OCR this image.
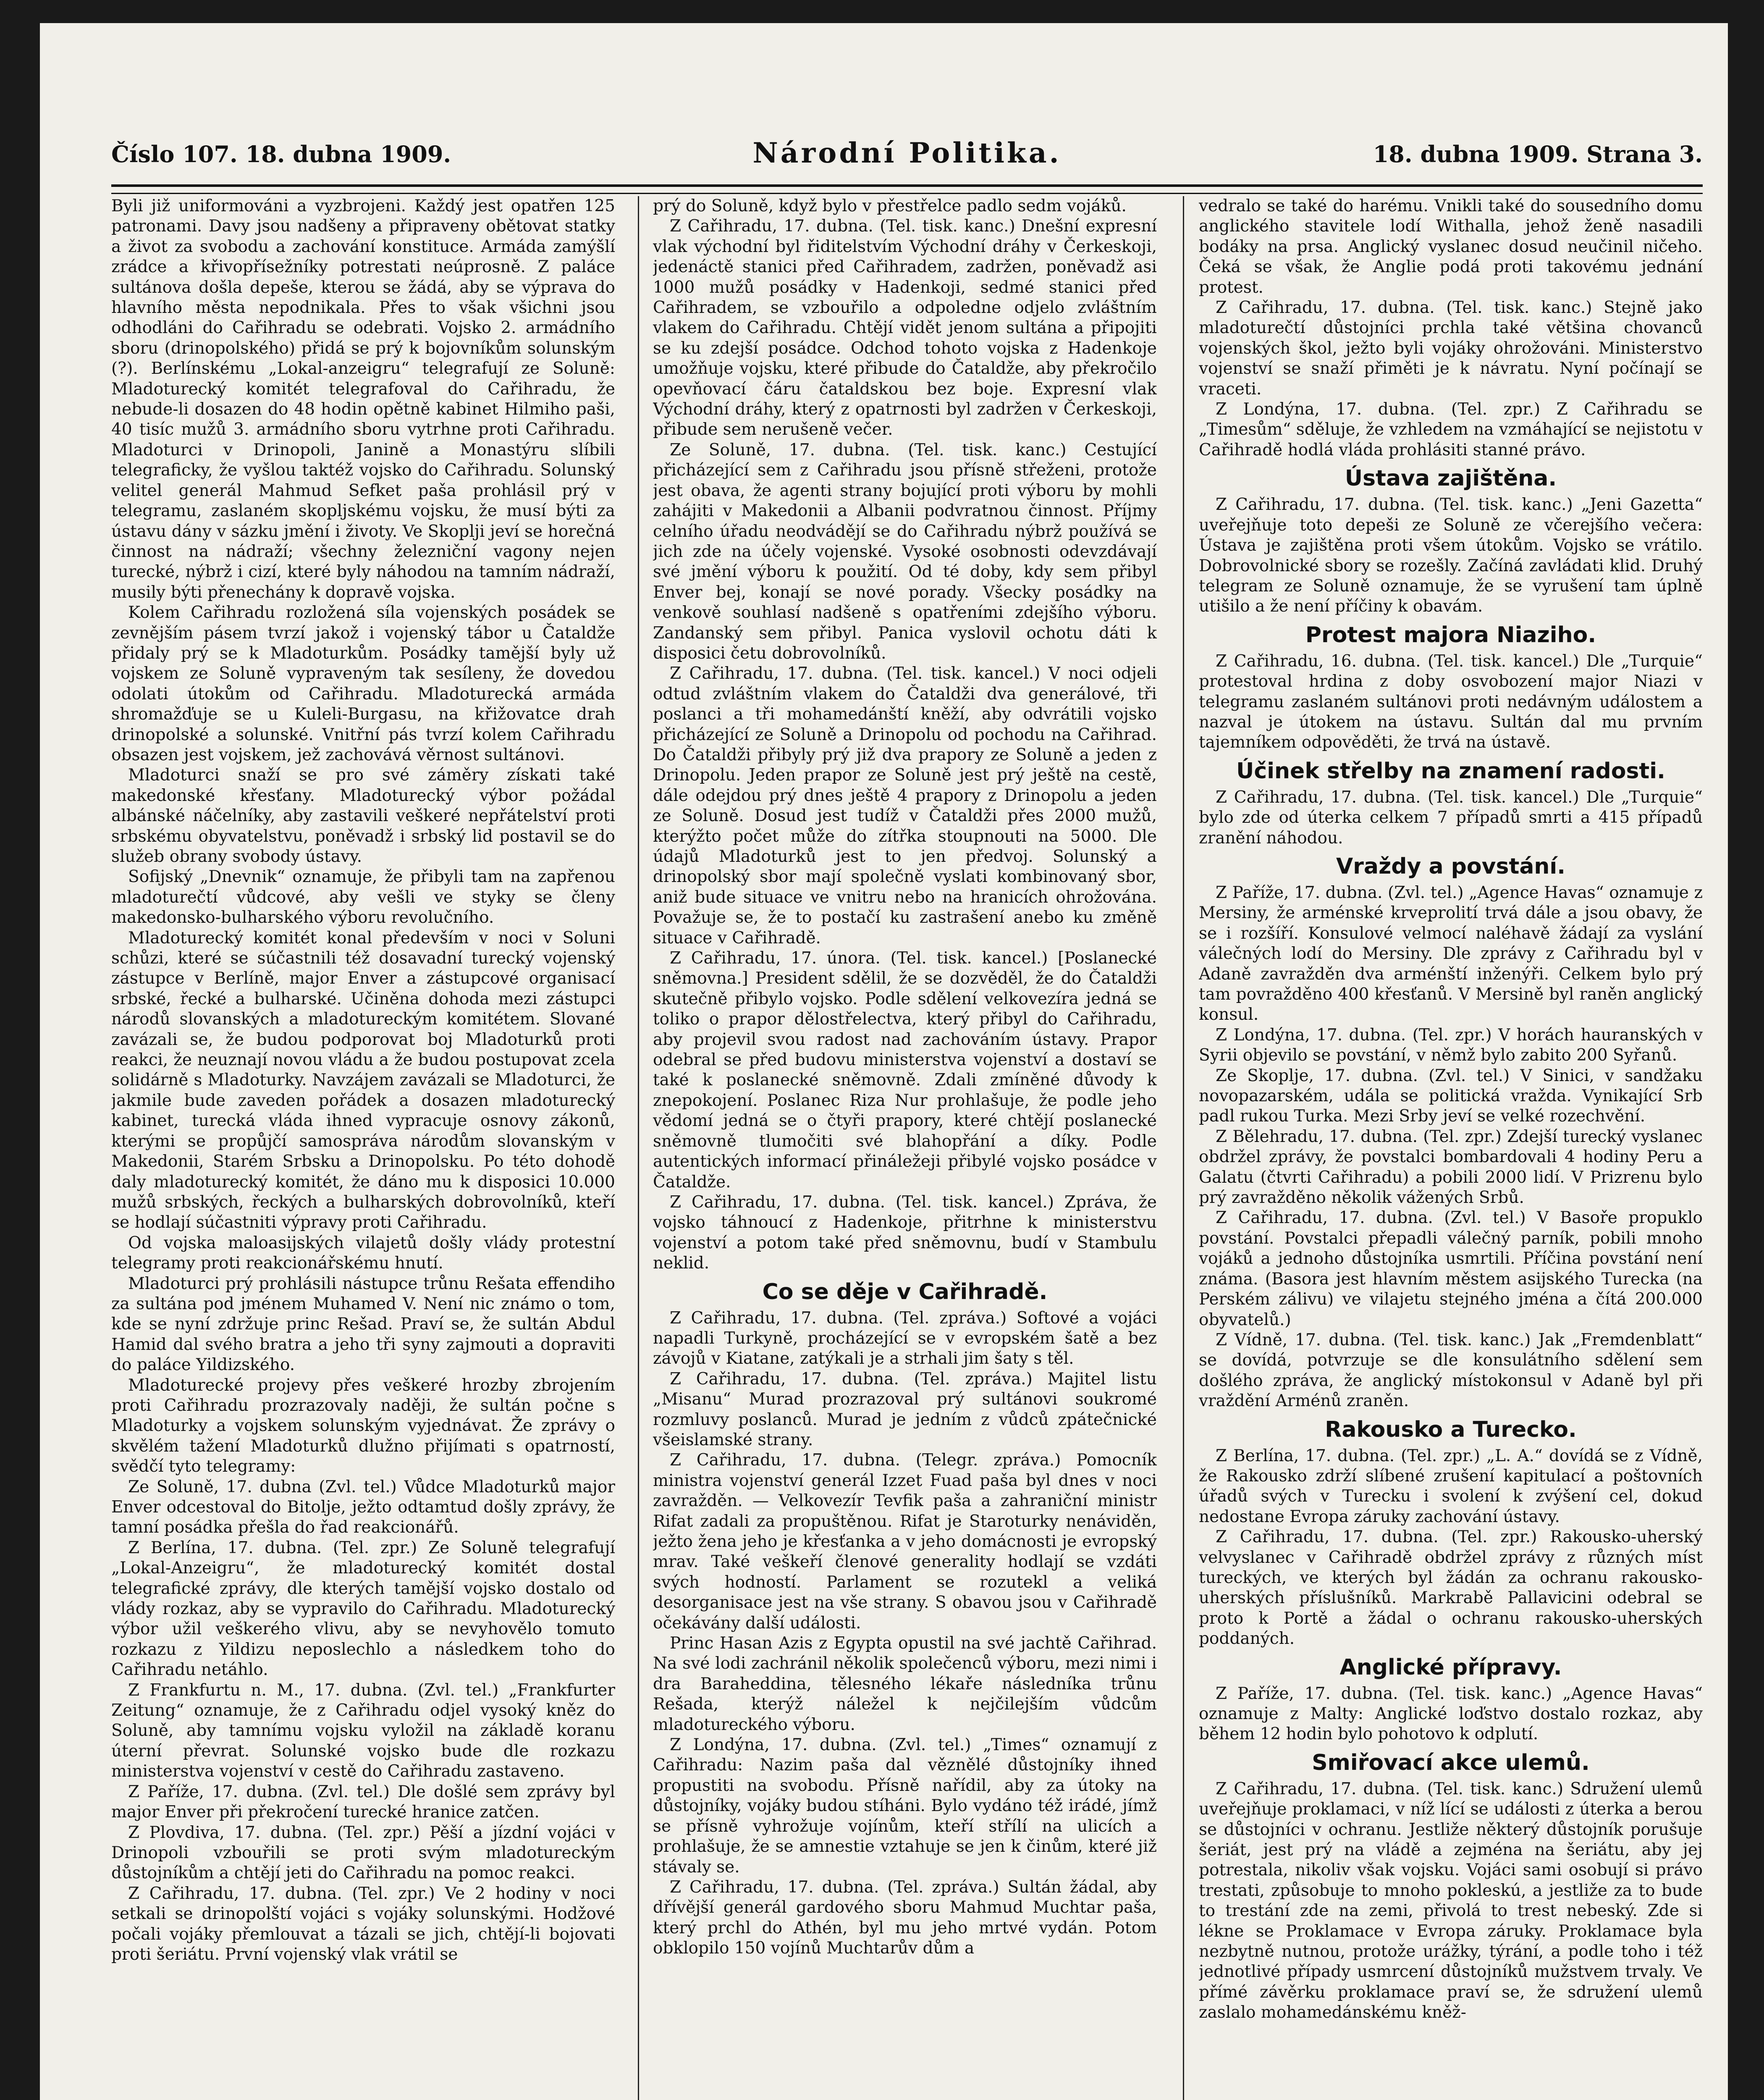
Číslo 107. 18. dubna 1909.	Národní Politika.	18. dubna 1909. Strana 3.

Byli již uniformováni a vyzbrojeni. Každý jest opatřen 125 patronami. Davy jsou nadšeny a připraveny obětovat statky a život za svobodu a zachování konstituce. Armáda zamýšlí zrádce a křivopřísežníky potrestati neúprosně. Z paláce sultánova došla depeše, kterou se žádá, aby se výprava do hlavního města nepodnikala. Přes to však všichni jsou odhodláni do Cařihradu se odebrati. Vojsko 2. armádního sboru (drinopolského) přidá se prý k bojovníkům solunským (?). Berlínskému „Lokal-anzeigru“ telegrafují ze Soluně: Mladoturecký komitét telegrafoval do Cařihradu, že nebude-li dosazen do 48 hodin opětně kabinet Hilmiho paši, 40 tisíc mužů 3. armádního sboru vytrhne proti Cařihradu. Mladoturci v Drinopoli, Janině a Monastýru slíbili telegraficky, že vyšlou taktéž vojsko do Cařihradu. Solunský velitel generál Mahmud Sefket paša prohlásil prý v telegramu, zaslaném skopljskému vojsku, že musí býti za ústavu dány v sázku jmění i životy. Ve Skoplji jeví se horečná činnost na nádraží; všechny železniční vagony nejen turecké, nýbrž i cizí, které byly náhodou na tamním nádraží, musily býti přenechány k dopravě vojska.

Kolem Cařihradu rozložená síla vojenských posádek se zevnějším pásem tvrzí jakož i vojenský tábor u Čataldže přidaly prý se k Mladoturkům. Posádky tamější byly už vojskem ze Soluně vypraveným tak sesíleny, že dovedou odolati útokům od Cařihradu. Mladoturecká armáda shromažďuje se u Kuleli-Burgasu, na křižovatce drah drinopolské a solunské. Vnitřní pás tvrzí kolem Cařihradu obsazen jest vojskem, jež zachovává věrnost sultánovi.

Mladoturci snaží se pro své záměry získati také makedonské křesťany. Mladoturecký výbor požádal albánské náčelníky, aby zastavili veškeré nepřátelství proti srbskému obyvatelstvu, poněvadž i srbský lid postavil se do služeb obrany svobody ústavy.

Sofijský „Dnevnik“ oznamuje, že přibyli tam na zapřenou mladoturečtí vůdcové, aby vešli ve styky se členy makedonsko-bulharského výboru revolučního.

Mladoturecký komitét konal především v noci v Soluni schůzi, které se súčastnili též dosavadní turecký vojenský zástupce v Berlíně, major Enver a zástupcové organisací srbské, řecké a bulharské. Učiněna dohoda mezi zástupci národů slovanských a mladotureckým komitétem. Slované zavázali se, že budou podporovat boj Mladoturků proti reakci, že neuznají novou vládu a že budou postupovat zcela solidárně s Mladoturky. Navzájem zavázali se Mladoturci, že jakmile bude zaveden pořádek a dosazen mladoturecký kabinet, turecká vláda ihned vypracuje osnovy zákonů, kterými se propůjčí samospráva národům slovanským v Makedonii, Starém Srbsku a Drinopolsku. Po této dohodě daly mladoturecký komitét, že dáno mu k disposici 10.000 mužů srbských, řeckých a bulharských dobrovolníků, kteří se hodlají súčastniti výpravy proti Cařihradu.

Od vojska maloasijských vilajetů došly vlády protestní telegramy proti reakcionářskému hnutí.

Mladoturci prý prohlásili nástupce trůnu Rešata effendiho za sultána pod jménem Muhamed V. Není nic známo o tom, kde se nyní zdržuje princ Rešad. Praví se, že sultán Abdul Hamid dal svého bratra a jeho tři syny zajmouti a dopraviti do paláce Yildizského.

Mladoturecké projevy přes veškeré hrozby zbrojením proti Cařihradu prozrazovaly naději, že sultán počne s Mladoturky a vojskem solunským vyjednávat. Že zprávy o skvělém tažení Mladoturků dlužno přijímati s opatrností, svědčí tyto telegramy:

Ze Soluně, 17. dubna (Zvl. tel.) Vůdce Mladoturků major Enver odcestoval do Bitolje, ježto odtamtud došly zprávy, že tamní posádka přešla do řad reakcionářů.

Z Berlína, 17. dubna. (Tel. zpr.) Ze Soluně telegrafují „Lokal-Anzeigru“, že mladoturecký komitét dostal telegrafické zprávy, dle kterých tamější vojsko dostalo od vlády rozkaz, aby se vypravilo do Cařihradu. Mladoturecký výbor užil veškerého vlivu, aby se nevyhovělo tomuto rozkazu z Yildizu neposlechlo a následkem toho do Cařihradu netáhlo.

Z Frankfurtu n. M., 17. dubna. (Zvl. tel.) „Frankfurter Zeitung“ oznamuje, že z Cařihradu odjel vysoký kněz do Soluně, aby tamnímu vojsku vyložil na základě koranu úterní převrat. Solunské vojsko bude dle rozkazu ministerstva vojenství v cestě do Cařihradu zastaveno.

Z Paříže, 17. dubna. (Zvl. tel.) Dle došlé sem zprávy byl major Enver při překročení turecké hranice zatčen.

Z Plovdiva, 17. dubna. (Tel. zpr.) Pěší a jízdní vojáci v Drinopoli vzbouřili se proti svým mladotureckým důstojníkům a chtějí jeti do Cařihradu na pomoc reakci.

Z Cařihradu, 17. dubna. (Tel. zpr.) Ve 2 hodiny v noci setkali se drinopolští vojáci s vojáky solunskými. Hodžové počali vojáky přemlouvat a tázali se jich, chtějí-li bojovati proti šeriátu. První vojenský vlak vrátil se

prý do Soluně, když bylo v přestřelce padlo sedm vojáků.

Z Cařihradu, 17. dubna. (Tel. tisk. kanc.) Dnešní expresní vlak východní byl řiditelstvím Východní dráhy v Čerkeskoji, jedenáctě stanici před Cařihradem, zadržen, poněvadž asi 1000 mužů posádky v Hadenkoji, sedmé stanici před Cařihradem, se vzbouřilo a odpoledne odjelo zvláštním vlakem do Cařihradu. Chtějí vidět jenom sultána a připojiti se ku zdejší posádce. Odchod tohoto vojska z Hadenkoje umožňuje vojsku, které přibude do Čataldže, aby překročilo opevňovací čáru čataldskou bez boje. Expresní vlak Východní dráhy, který z opatrnosti byl zadržen v Čerkeskoji, přibude sem nerušeně večer.

Ze Soluně, 17. dubna. (Tel. tisk. kanc.) Cestující přicházející sem z Cařihradu jsou přísně střeženi, protože jest obava, že agenti strany bojující proti výboru by mohli zahájiti v Makedonii a Albanii podvratnou činnost. Příjmy celního úřadu neodvádějí se do Cařihradu nýbrž používá se jich zde na účely vojenské. Vysoké osobnosti odevzdávají své jmění výboru k použití. Od té doby, kdy sem přibyl Enver bej, konají se nové porady. Všecky posádky na venkově souhlasí nadšeně s opatřeními zdejšího výboru. Zandanský sem přibyl. Panica vyslovil ochotu dáti k disposici četu dobrovolníků.

Z Cařihradu, 17. dubna. (Tel. tisk. kancel.) V noci odjeli odtud zvláštním vlakem do Čataldži dva generálové, tři poslanci a tři mohamedánští kněží, aby odvrátili vojsko přicházející ze Soluně a Drinopolu od pochodu na Cařihrad. Do Čataldži přibyly prý již dva prapory ze Soluně a jeden z Drinopolu. Jeden prapor ze Soluně jest prý ještě na cestě, dále odejdou prý dnes ještě 4 prapory z Drinopolu a jeden ze Soluně. Dosud jest tudíž v Čataldži přes 2000 mužů, kterýžto počet může do zítřka stoupnouti na 5000. Dle údajů Mladoturků jest to jen předvoj. Solunský a drinopolský sbor mají společně vyslati kombinovaný sbor, aniž bude situace ve vnitru nebo na hranicích ohrožována. Považuje se, že to postačí ku zastrašení anebo ku změně situace v Cařihradě.

Z Cařihradu, 17. února. (Tel. tisk. kancel.) [Poslanecké sněmovna.] President sdělil, že se dozvěděl, že do Čataldži skutečně přibylo vojsko. Podle sdělení velkovezíra jedná se toliko o prapor dělostřelectva, který přibyl do Cařihradu, aby projevil svou radost nad zachováním ústavy. Prapor odebral se před budovu ministerstva vojenství a dostaví se také k poslanecké sněmovně. Zdali zmíněné důvody k znepokojení. Poslanec Riza Nur prohlašuje, že podle jeho vědomí jedná se o čtyři prapory, které chtějí poslanecké sněmovně tlumočiti své blahopřání a díky. Podle autentických informací přináležeji přibylé vojsko posádce v Čataldže.

Z Cařihradu, 17. dubna. (Tel. tisk. kancel.) Zpráva, že vojsko táhnoucí z Hadenkoje, přitrhne k ministerstvu vojenství a potom také před sněmovnu, budí v Stambulu neklid.

Co se děje v Cařihradě.

Z Cařihradu, 17. dubna. (Tel. zpráva.) Softové a vojáci napadli Turkyně, procházející se v evropském šatě a bez závojů v Kiatane, zatýkali je a strhali jim šaty s těl.

Z Cařihradu, 17. dubna. (Tel. zpráva.) Majitel listu „Misanu“ Murad prozrazoval prý sultánovi soukromé rozmluvy poslanců. Murad je jedním z vůdců zpátečnické všeislamské strany.

Z Cařihradu, 17. dubna. (Telegr. zpráva.) Pomocník ministra vojenství generál Izzet Fuad paša byl dnes v noci zavražděn. — Velkovezír Tevfik paša a zahraniční ministr Rifat zadali za propuštěnou. Rifat je Staroturky nenáviděn, ježto žena jeho je křesťanka a v jeho domácnosti je evropský mrav. Také veškeří členové generality hodlají se vzdáti svých hodností. Parlament se rozutekl a veliká desorganisace jest na vše strany. S obavou jsou v Cařihradě očekávány další události.

Princ Hasan Azis z Egypta opustil na své jachtě Cařihrad. Na své lodi zachránil několik společenců výboru, mezi nimi i dra Baraheddina, tělesného lékaře následníka trůnu Rešada, kterýž náležel k nejčilejším vůdcům mladotureckého výboru.

Z Londýna, 17. dubna. (Zvl. tel.) „Times“ oznamují z Cařihradu: Nazim paša dal věznělé důstojníky ihned propustiti na svobodu. Přísně nařídil, aby za útoky na důstojníky, vojáky budou stíháni. Bylo vydáno též irádé, jímž se přísně vyhrožuje vojínům, kteří střílí na ulicích a prohlašuje, že se amnestie vztahuje se jen k činům, které již stávaly se.

Z Cařihradu, 17. dubna. (Tel. zpráva.) Sultán žádal, aby dřívější generál gardového sboru Mahmud Muchtar paša, který prchl do Athén, byl mu jeho mrtvé vydán. Potom obklopilo 150 vojínů Muchtarův dům a

vedralo se také do harému. Vnikli také do sousedního domu anglického stavitele lodí Withalla, jehož ženě nasadili bodáky na prsa. Anglický vyslanec dosud neučinil ničeho. Čeká se však, že Anglie podá proti takovému jednání protest.

Z Cařihradu, 17. dubna. (Tel. tisk. kanc.) Stejně jako mladoturečtí důstojníci prchla také většina chovanců vojenských škol, ježto byli vojáky ohrožováni. Ministerstvo vojenství se snaží přiměti je k návratu. Nyní počínají se vraceti.

Z Londýna, 17. dubna. (Tel. zpr.) Z Cařihradu se „Timesům“ sděluje, že vzhledem na vzmáhající se nejistotu v Cařihradě hodlá vláda prohlásiti stanné právo.

Ústava zajištěna.

Z Cařihradu, 17. dubna. (Tel. tisk. kanc.) „Jeni Gazetta“ uveřejňuje toto depeši ze Soluně ze včerejšího večera: Ústava je zajištěna proti všem útokům. Vojsko se vrátilo. Dobrovolnické sbory se rozešly. Začíná zavládati klid. Druhý telegram ze Soluně oznamuje, že se vyrušení tam úplně utišilo a že není příčiny k obavám.

Protest majora Niaziho.

Z Cařihradu, 16. dubna. (Tel. tisk. kancel.) Dle „Turquie“ protestoval hrdina z doby osvobození major Niazi v telegramu zaslaném sultánovi proti nedávným událostem a nazval je útokem na ústavu. Sultán dal mu prvním tajemníkem odpověděti, že trvá na ústavě.

Účinek střelby na znamení radosti.

Z Cařihradu, 17. dubna. (Tel. tisk. kancel.) Dle „Turquie“ bylo zde od úterka celkem 7 případů smrti a 415 případů zranění náhodou.

Vraždy a povstání.

Z Paříže, 17. dubna. (Zvl. tel.) „Agence Havas“ oznamuje z Mersiny, že arménské krveprolití trvá dále a jsou obavy, že se i rozšíří. Konsulové velmocí naléhavě žádají za vyslání válečných lodí do Mersiny. Dle zprávy z Cařihradu byl v Adaně zavražděn dva arménští inženýři. Celkem bylo prý tam povražděno 400 křesťanů. V Mersině byl raněn anglický konsul.

Z Londýna, 17. dubna. (Tel. zpr.) V horách hauranských v Syrii objevilo se povstání, v němž bylo zabito 200 Syřanů.

Ze Skoplje, 17. dubna. (Zvl. tel.) V Sinici, v sandžaku novopazarském, udála se politická vražda. Vynikající Srb padl rukou Turka. Mezi Srby jeví se velké rozechvění.

Z Bělehradu, 17. dubna. (Tel. zpr.) Zdejší turecký vyslanec obdržel zprávy, že povstalci bombardovali 4 hodiny Peru a Galatu (čtvrti Cařihradu) a pobili 2000 lidí. V Prizrenu bylo prý zavražděno několik vážených Srbů.

Z Cařihradu, 17. dubna. (Zvl. tel.) V Basoře propuklo povstání. Povstalci přepadli válečný parník, pobili mnoho vojáků a jednoho důstojníka usmrtili. Příčina povstání není známa. (Basora jest hlavním městem asijského Turecka (na Perském zálivu) ve vilajetu stejného jména a čítá 200.000 obyvatelů.)

Z Vídně, 17. dubna. (Tel. tisk. kanc.) Jak „Fremdenblatt“ se dovídá, potvrzuje se dle konsulátního sdělení sem došlého zpráva, že anglický místokonsul v Adaně byl při vraždění Arménů zraněn.

Rakousko a Turecko.

Z Berlína, 17. dubna. (Tel. zpr.) „L. A.“ dovídá se z Vídně, že Rakousko zdrží slíbené zrušení kapitulací a poštovních úřadů svých v Turecku i svolení k zvýšení cel, dokud nedostane Evropa záruky zachování ústavy.

Z Cařihradu, 17. dubna. (Tel. zpr.) Rakousko-uherský velvyslanec v Cařihradě obdržel zprávy z různých míst tureckých, ve kterých byl žádán za ochranu rakousko-uherských příslušníků. Markrabě Pallavicini odebral se proto k Portě a žádal o ochranu rakousko-uherských poddaných.

Anglické přípravy.

Z Paříže, 17. dubna. (Tel. tisk. kanc.) „Agence Havas“ oznamuje z Malty: Anglické loďstvo dostalo rozkaz, aby během 12 hodin bylo pohotovo k odplutí.

Smiřovací akce ulemů.

Z Cařihradu, 17. dubna. (Tel. tisk. kanc.) Sdružení ulemů uveřejňuje proklamaci, v níž lící se události z úterka a berou se důstojníci v ochranu. Jestliže některý důstojník porušuje šeriát, jest prý na vládě a zejména na šeriátu, aby jej potrestala, nikoliv však vojsku. Vojáci sami osobují si právo trestati, způsobuje to mnoho pokleskú, a jestliže za to bude to trestání zde na zemi, přivolá to trest nebeský. Zde si lékne se Proklamace v Evropa záruky. Proklamace byla nezbytně nutnou, protože urážky, týrání, a podle toho i též jednotlivé případy usmrcení důstojníků mužstvem trvaly. Ve přímé závěrku proklamace praví se, že sdružení ulemů zaslalo mohamedánskému kněž-
